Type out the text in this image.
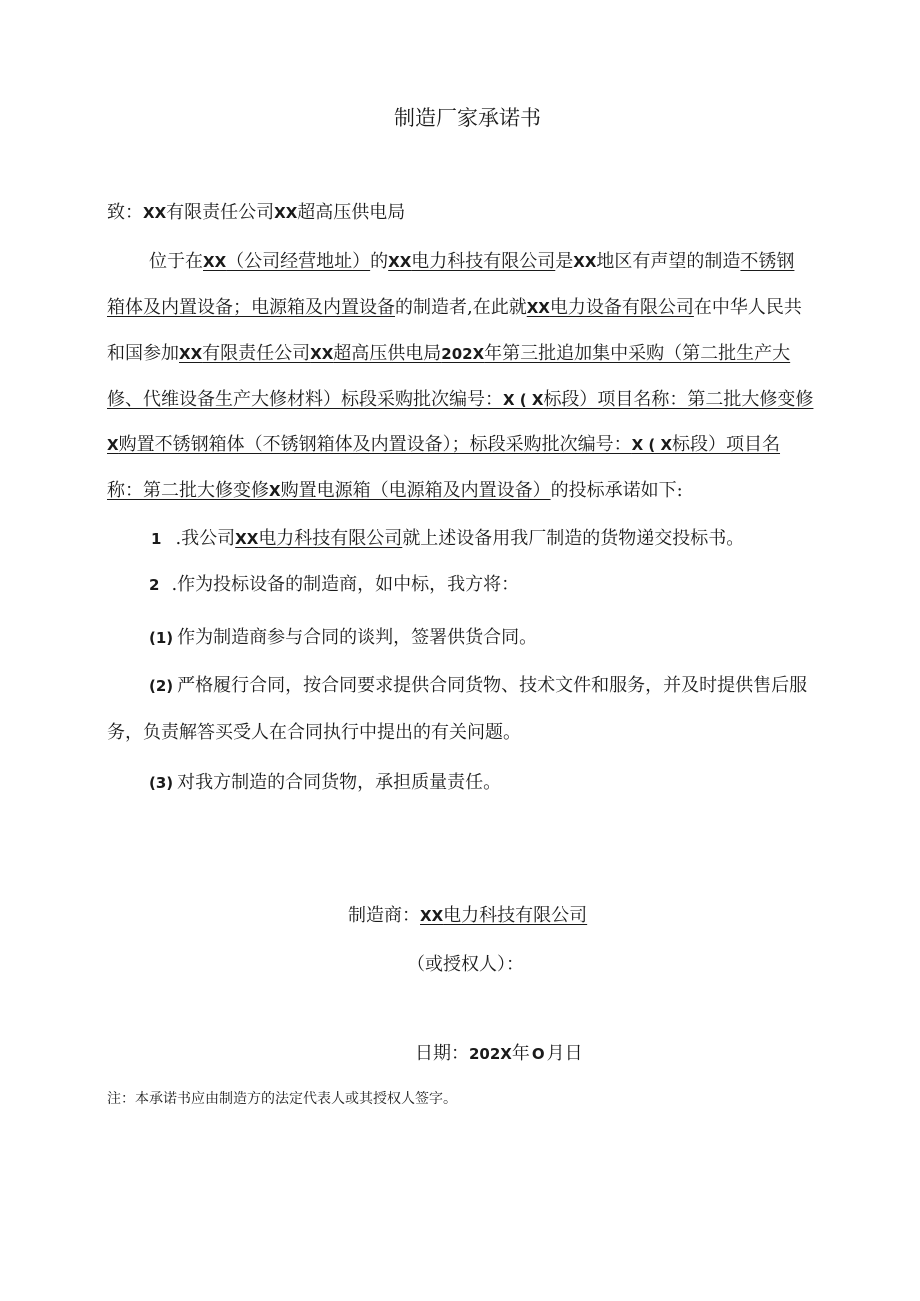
制造厂家承诺书
致：XX有限责任公司XX超高压供电局
位于在XX（公司经营地址）的XX电力科技有限公司是XX地区有声望的制造不锈钢
箱体及内置设备；电源箱及内置设备的制造者,在此就XX电力设备有限公司在中华人民共
和国参加XX有限责任公司XX超高压供电局202X年第三批追加集中采购（第二批生产大
修、代维设备生产大修材料）标段采购批次编号：X ( X标段）项目名称：第二批大修变修
X购置不锈钢箱体（不锈钢箱体及内置设备）；标段采购批次编号：X ( X标段）项目名
称：第二批大修变修X购置电源箱（电源箱及内置设备）的投标承诺如下:
1 .我公司XX电力科技有限公司就上述设备用我厂制造的货物递交投标书。
2 .作为投标设备的制造商，如中标，我方将：
(1) 作为制造商参与合同的谈判，签署供货合同。
(2) 严格履行合同，按合同要求提供合同货物、技术文件和服务，并及时提供售后服
务，负责解答买受人在合同执行中提出的有关问题。
(3) 对我方制造的合同货物，承担质量责任。
制造商：XX电力科技有限公司
（或授权人）：
日期：202X年 O 月日
注：本承诺书应由制造方的法定代表人或其授权人签字。
